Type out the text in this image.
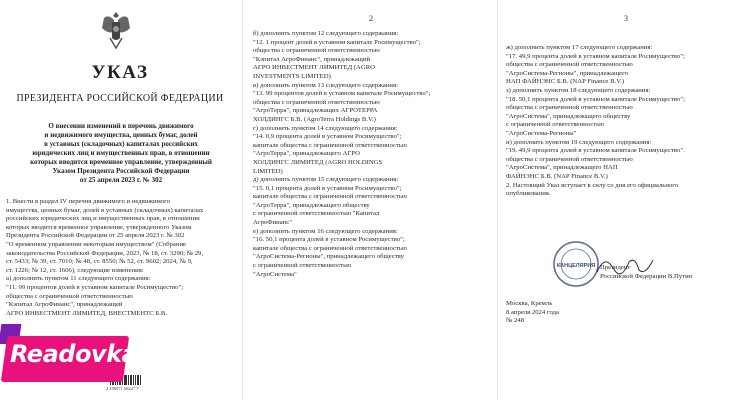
УКАЗ
ПРЕЗИДЕНТА РОССИЙСКОЙ ФЕДЕРАЦИИ
О внесении изменений в перечень движимого
и недвижимого имущества, ценных бумаг, долей
в уставных (складочных) капиталах российских
юридических лиц и имущественных прав, в отношении
которых вводится временное управление, утвержденный
Указом Президента Российской Федерации
от 25 апреля 2023 г. № 302
1. Внести в раздел IV перечня движимого и недвижимого
имущества, ценных бумаг, долей в уставных (складочных) капиталах
российских юридических лиц и имущественных прав, в отношении
которых вводится временное управление, утвержденного Указом
Президента Российской Федерации от 25 апреля 2023 г. № 302
"О временном управлении некоторым имуществом" (Собрание
законодательства Российской Федерации, 2023, № 18, ст. 3290; № 29,
ст. 5433; № 39, ст. 7010; № 48, ст. 8550; № 52, ст. 9602; 2024, № 9,
ст. 1226; № 12, ст. 1606), следующие изменения:
а) дополнить пунктом 11 следующего содержания:
"11. 99 процентов долей в уставном капитале Росимущество";
общества с ограниченной ответственностью
"Кэпитал АгроФинанс", принадлежащей
АГРО ИНВЕСТМЕНТ ЛИМИТЕД, ВНЕСТМЕНТС Б.В.
2 100071 68427 7
2
б) дополнить пунктом 12 следующего содержания:
"12. 1 процент долей в уставном капитале Росимущество";
общества с ограниченной ответственностью
"Кэпитал АгроФинанс", принадлежащий
АГРО ИНВЕСТМЕНТ ЛИМИТЕД (AGRO
INVESTMENTS LIMITED)
в) дополнить пунктом 13 следующего содержания:
"13. 99 процентов долей в уставном капитале Росимущество";
общества с ограниченной ответственностью
"АгроТерра", принадлежащих АГРОТЕРРА
ХОЛДИНГС Б.В. (AgroTerra Holdings B.V.)
г) дополнить пунктом 14 следующего содержания:
"14. 0,9 процента долей в уставном Росимущество";
капитале общества с ограниченной ответственностью
"АгроТерра", принадлежащего АГРО
ХОЛДИНГС ЛИМИТЕД (AGRO HOLDINGS
LIMITED)
д) дополнить пунктом 15 следующего содержания:
"15. 0,1 процента долей в уставном Росимущество";
капитале общества с ограниченной ответственностью
"АгроТерра", принадлежащего обществу
с ограниченной ответственностью "Капитал
АгроФинанс"
е) дополнить пунктом 16 следующего содержания:
"16. 50,1 процента долей в уставном Росимущество";
капитале общества с ограниченной ответственностью
"АгроСистема-Регионы", принадлежащего обществу
с ограниченной ответственностью
"АгроСистема"
3
ж) дополнить пунктом 17 следующего содержания:
"17. 49,9 процента долей в уставном капитале Росимущество";
общества с ограниченной ответственностью
"АгроСистема-Регионы", принадлежащего
НАП ФАЙНЭНС Б.В. (NAP Finance B.V.)
з) дополнить пунктом 18 следующего содержания:
"18. 50,1 процента долей в уставном капитале Росимущество";
общества с ограниченной ответственностью
"АгроСистема", принадлежащего обществу
с ограниченной ответственностью
"АгроСистема-Регионы"
и) дополнить пунктом 19 следующего содержания:
"19. 49,9 процента долей в уставном капитале Росимущество".
общества с ограниченной ответственностью
"АгроСистема", принадлежащего НАП
ФАЙНЭНС Б.В. (NAP Finance B.V.)
2. Настоящий Указ вступает в силу со дня его официального
опубликования.
КАНЦЕЛЯРИЯ Президент
Российской Федерации В.Путин
Москва, Кремль
8 апреля 2024 года
№ 248
Readovka
